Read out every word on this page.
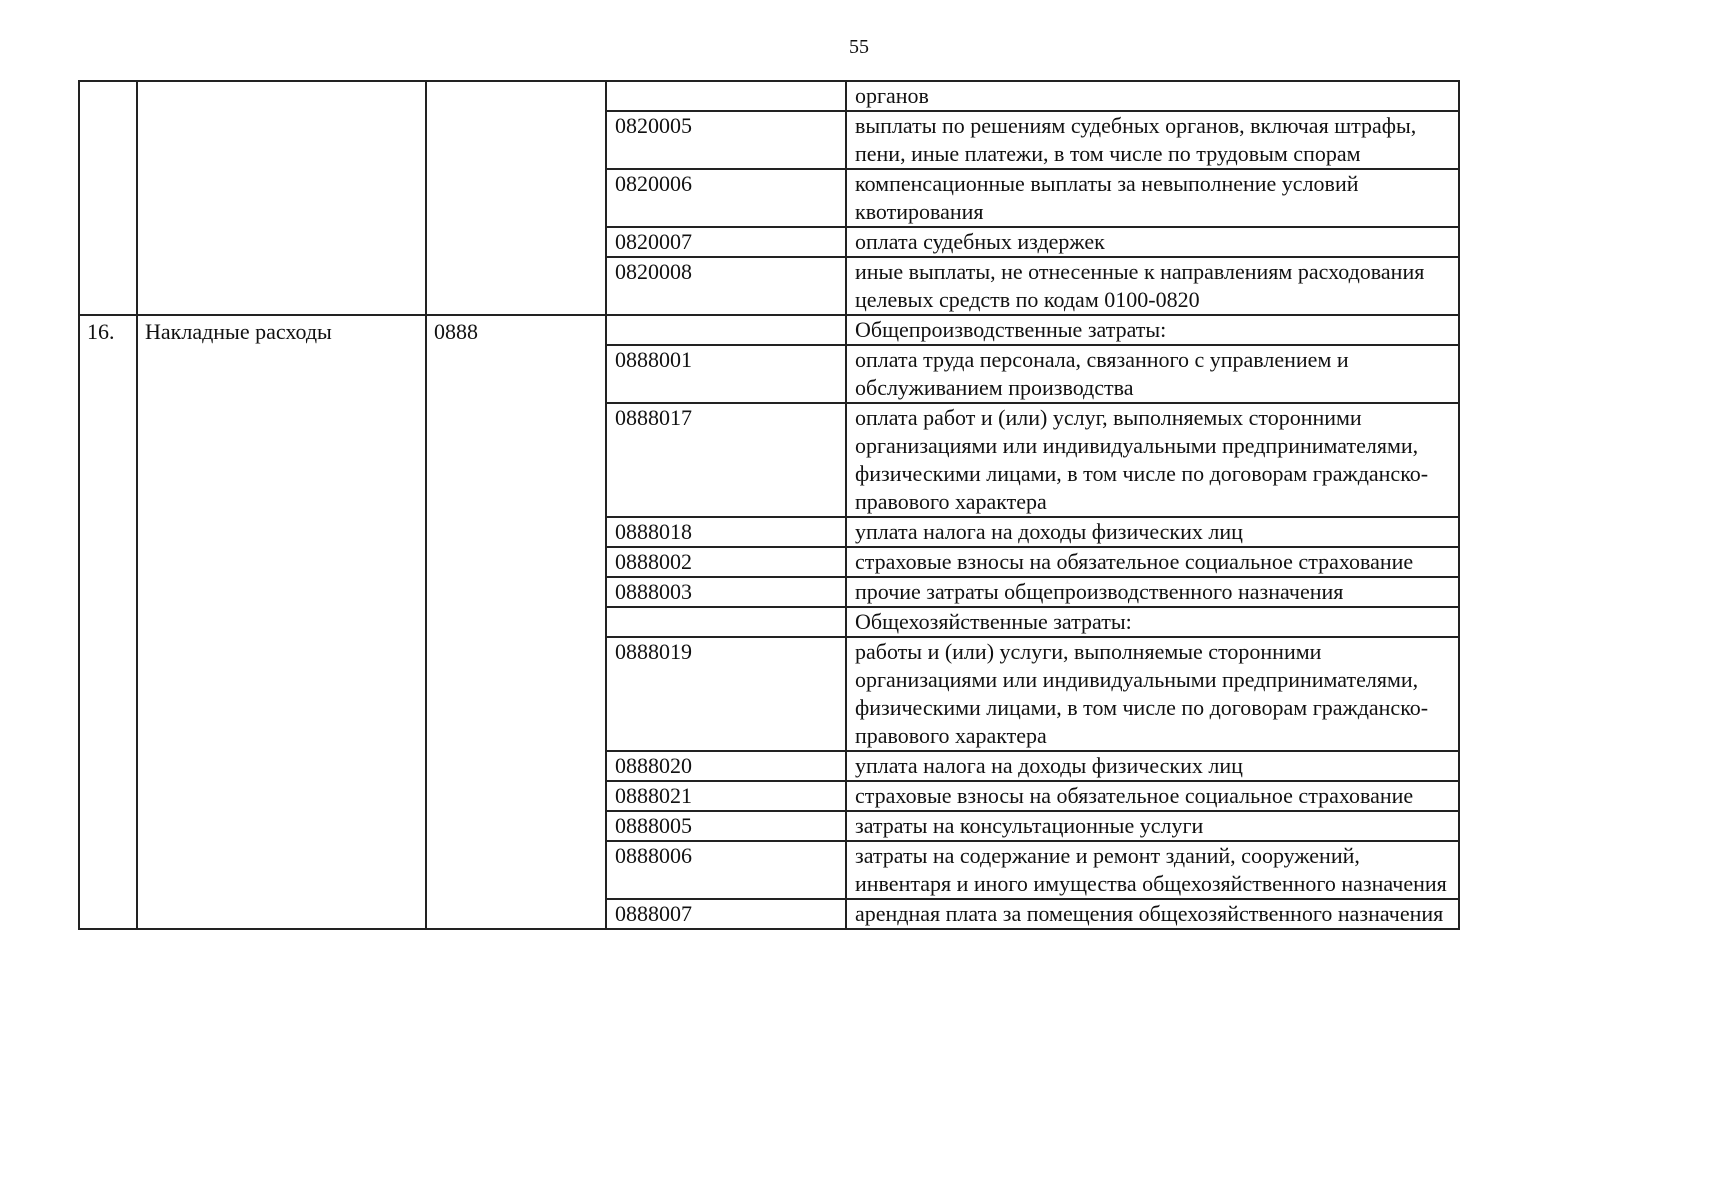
55
				органов
			0820005	выплаты по решениям судебных органов, включая штрафы, пени, иные платежи, в том числе по трудовым спорам
			0820006	компенсационные выплаты за невыполнение условий квотирования
			0820007	оплата судебных издержек
			0820008	иные выплаты, не отнесенные к направлениям расходования целевых средств по кодам 0100-0820
16.	Накладные расходы	0888		Общепроизводственные затраты:
			0888001	оплата труда персонала, связанного с управлением и обслуживанием производства
			0888017	оплата работ и (или) услуг, выполняемых сторонними организациями или индивидуальными предпринимателями, физическими лицами, в том числе по договорам гражданско-правового характера
			0888018	уплата налога на доходы физических лиц
			0888002	страховые взносы на обязательное социальное страхование
			0888003	прочие затраты общепроизводственного назначения
				Общехозяйственные затраты:
			0888019	работы и (или) услуги, выполняемые сторонними организациями или индивидуальными предпринимателями, физическими лицами, в том числе по договорам гражданско-правового характера
			0888020	уплата налога на доходы физических лиц
			0888021	страховые взносы на обязательное социальное страхование
			0888005	затраты на консультационные услуги
			0888006	затраты на содержание и ремонт зданий, сооружений, инвентаря и иного имущества общехозяйственного назначения
			0888007	арендная плата за помещения общехозяйственного назначения
